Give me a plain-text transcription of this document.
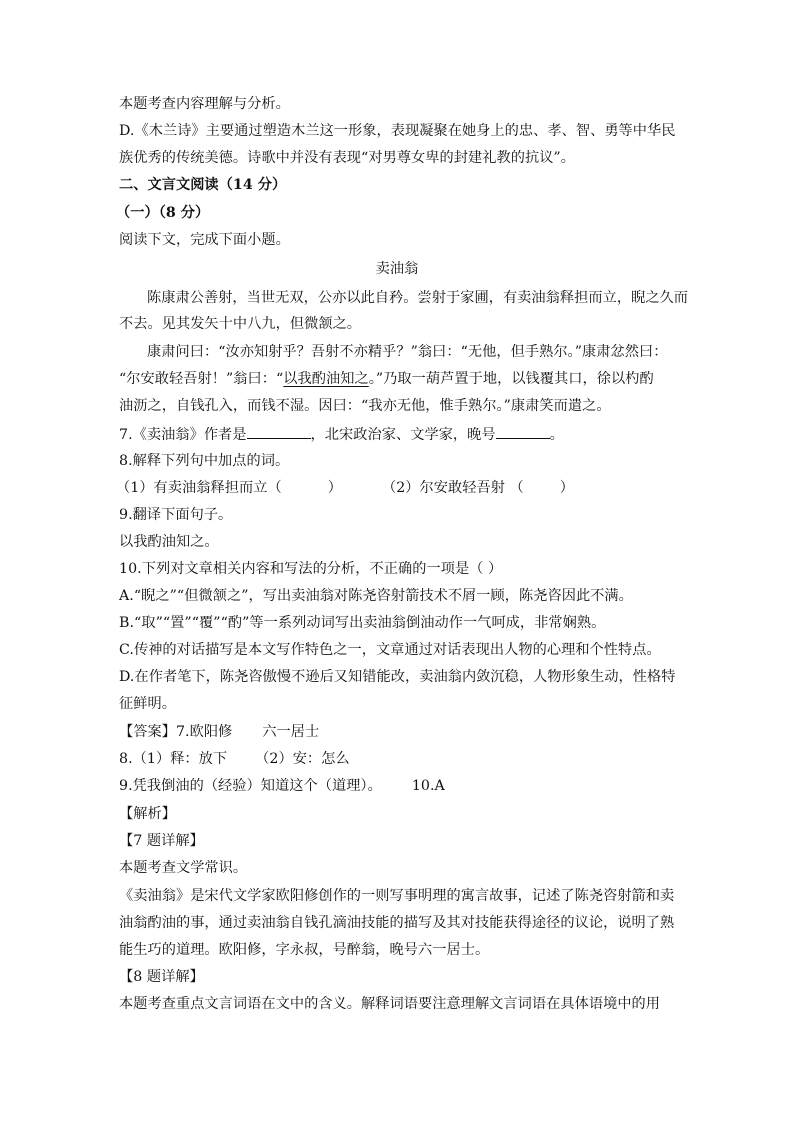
本题考查内容理解与分析。
D.《木兰诗》主要通过塑造木兰这一形象，表现凝聚在她身上的忠、孝、智、勇等中华民
族优秀的传统美德。诗歌中并没有表现“对男尊女卑的封建礼教的抗议”。
二、文言文阅读（14 分）
（一）（8 分）
阅读下文，完成下面小题。
卖油翁
陈康肃公善射，当世无双，公亦以此自矜。尝射于家圃，有卖油翁释担而立，睨之久而
不去。见其发矢十中八九，但微颔之。
康肃问曰：“汝亦知射乎？吾射不亦精乎？”翁曰：“无他，但手熟尔。”康肃忿然曰：
“尔安敢轻吾射！”翁曰：“以我酌油知之。”乃取一葫芦置于地，以钱覆其口，徐以杓酌
油沥之，自钱孔入，而钱不湿。因曰：“我亦无他，惟手熟尔。”康肃笑而遣之。
7.《卖油翁》作者是	，北宋政治家、文学家，晚号	。
8.解释下列句中加点的词。
（1）有卖油翁释担而立（	）	（2）尔安敢轻吾射 （	）
9.翻译下面句子。
以我酌油知之。
10.下列对文章相关内容和写法的分析，不正确的一项是（ ）
A.“睨之”“但微颔之”，写出卖油翁对陈尧咨射箭技术不屑一顾，陈尧咨因此不满。
B.“取”“置”“覆”“酌”等一系列动词写出卖油翁倒油动作一气呵成，非常娴熟。
C.传神的对话描写是本文写作特色之一，文章通过对话表现出人物的心理和个性特点。
D.在作者笔下，陈尧咨傲慢不逊后又知错能改，卖油翁内敛沉稳，人物形象生动，性格特
征鲜明。
【答案】7.欧阳修 六一居士
8.（1）释：放下 （2）安：怎么
9.凭我倒油的（经验）知道这个（道理）。 10.A
【解析】
【7 题详解】
本题考查文学常识。
《卖油翁》是宋代文学家欧阳修创作的一则写事明理的寓言故事，记述了陈尧咨射箭和卖
油翁酌油的事，通过卖油翁自钱孔滴油技能的描写及其对技能获得途径的议论，说明了熟
能生巧的道理。欧阳修，字永叔，号醉翁，晚号六一居士。
【8 题详解】
本题考查重点文言词语在文中的含义。解释词语要注意理解文言词语在具体语境中的用
